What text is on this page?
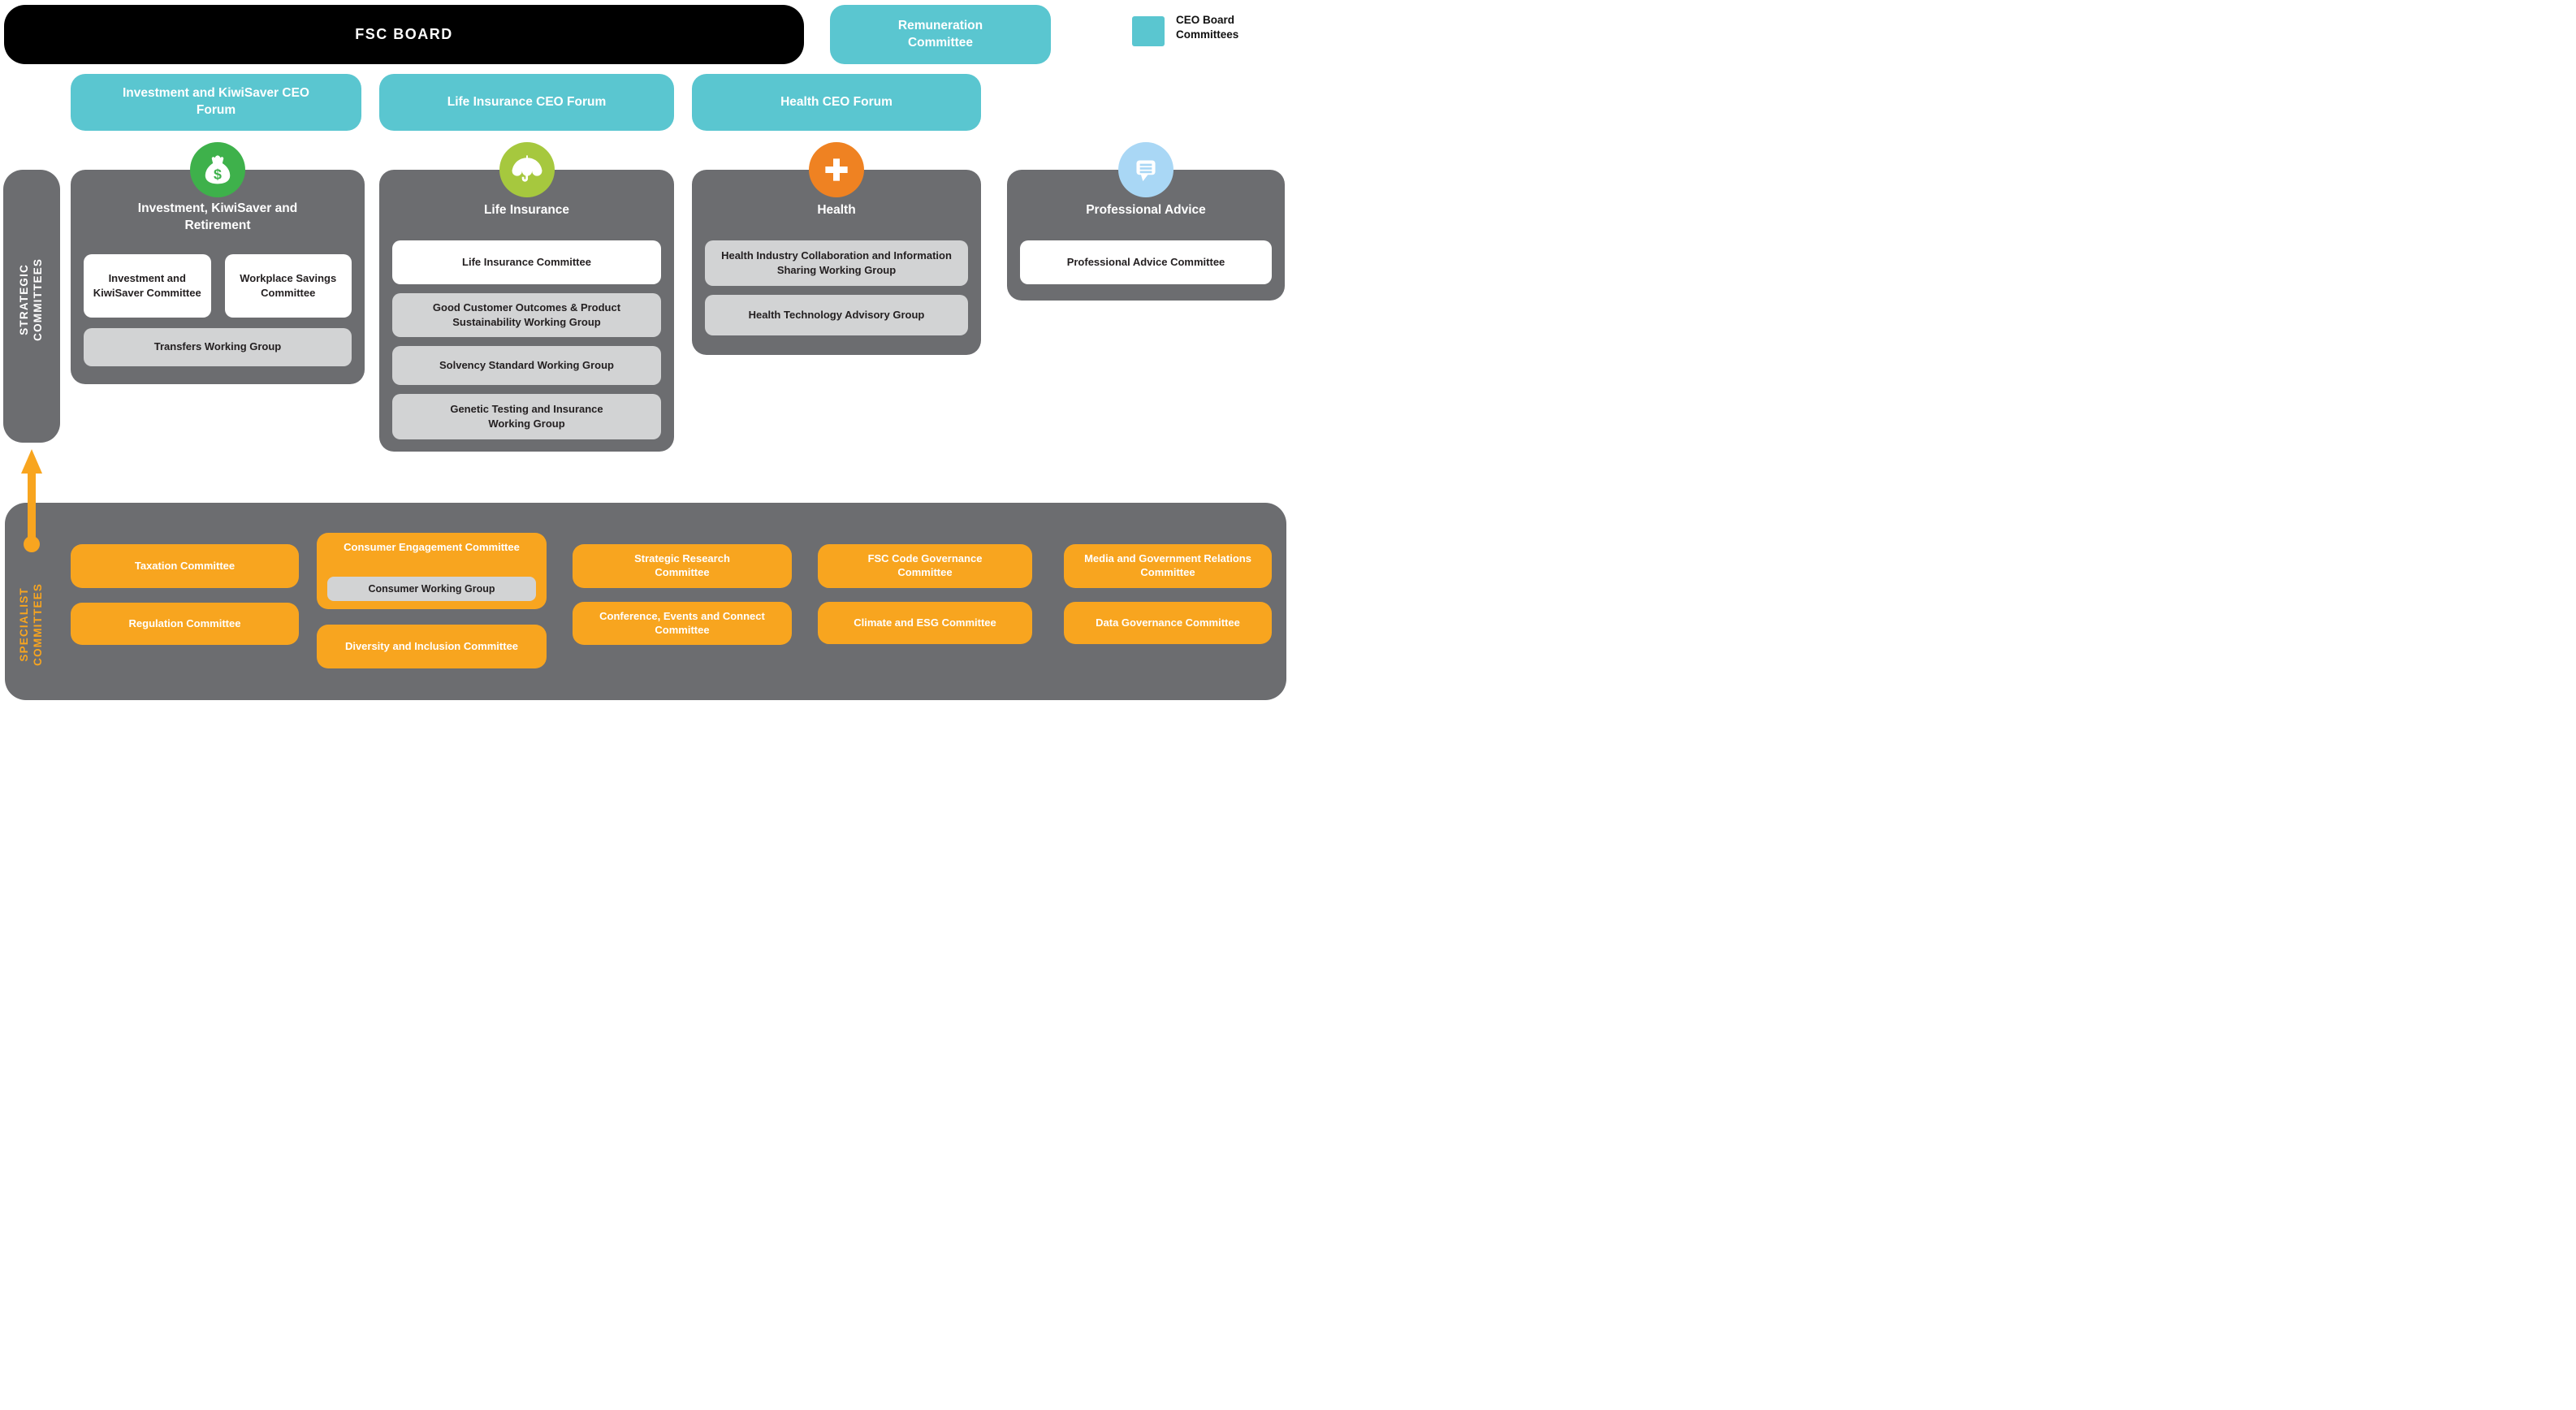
FSC BOARD
Remuneration Committee
CEO Board Committees
Investment and KiwiSaver CEO Forum
Life Insurance CEO Forum	Health CEO Forum
STRATEGIC COMMITTEES
$
Investment, KiwiSaver and Retirement
Investment and KiwiSaver Committee
Workplace Savings Committee
Transfers Working Group
Life Insurance
Life Insurance Committee
Good Customer Outcomes & Product Sustainability Working Group
Solvency Standard Working Group
Genetic Testing and Insurance Working Group
Health
Health Industry Collaboration and Information Sharing Working Group
Health Technology Advisory Group
Professional Advice
Professional Advice Committee
SPECIALIST COMMITTEES
Taxation Committee
Regulation Committee
Consumer Engagement Committee
Consumer Working Group
Diversity and Inclusion Committee
Strategic Research Committee
Conference, Events and Connect Committee
FSC Code Governance Committee
Climate and ESG Committee
Media and Government Relations Committee
Data Governance Committee
